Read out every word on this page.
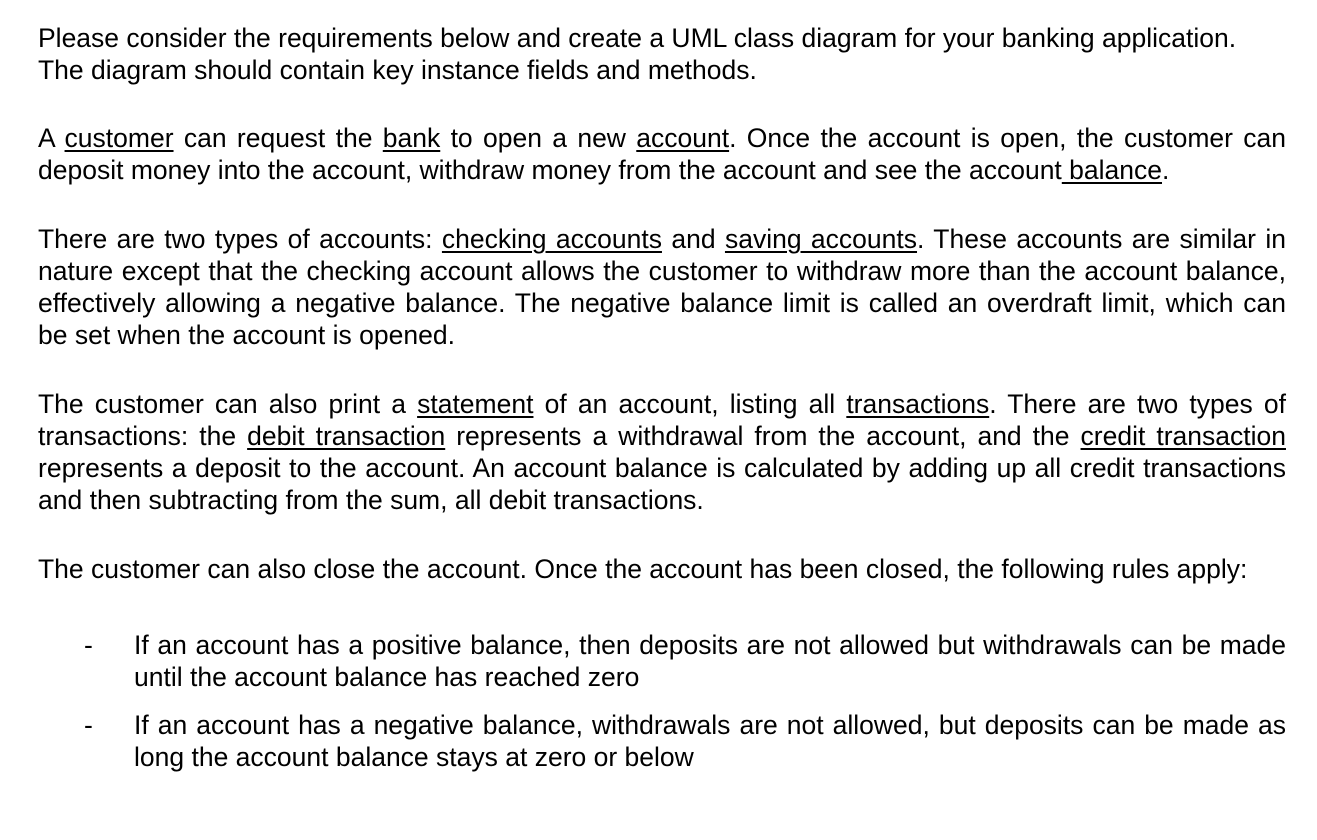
Please consider the requirements below and create a UML class diagram for your banking application.
The diagram should contain key instance fields and methods.

A customer can request the bank to open a new account. Once the account is open, the customer can deposit money into the account, withdraw money from the account and see the account balance.

There are two types of accounts: checking accounts and saving accounts. These accounts are similar in nature except that the checking account allows the customer to withdraw more than the account balance, effectively allowing a negative balance. The negative balance limit is called an overdraft limit, which can be set when the account is opened.

The customer can also print a statement of an account, listing all transactions. There are two types of transactions: the debit transaction represents a withdrawal from the account, and the credit transaction represents a deposit to the account. An account balance is calculated by adding up all credit transactions and then subtracting from the sum, all debit transactions.

The customer can also close the account. Once the account has been closed, the following rules apply:

- If an account has a positive balance, then deposits are not allowed but withdrawals can be made until the account balance has reached zero
- If an account has a negative balance, withdrawals are not allowed, but deposits can be made as long the account balance stays at zero or below
